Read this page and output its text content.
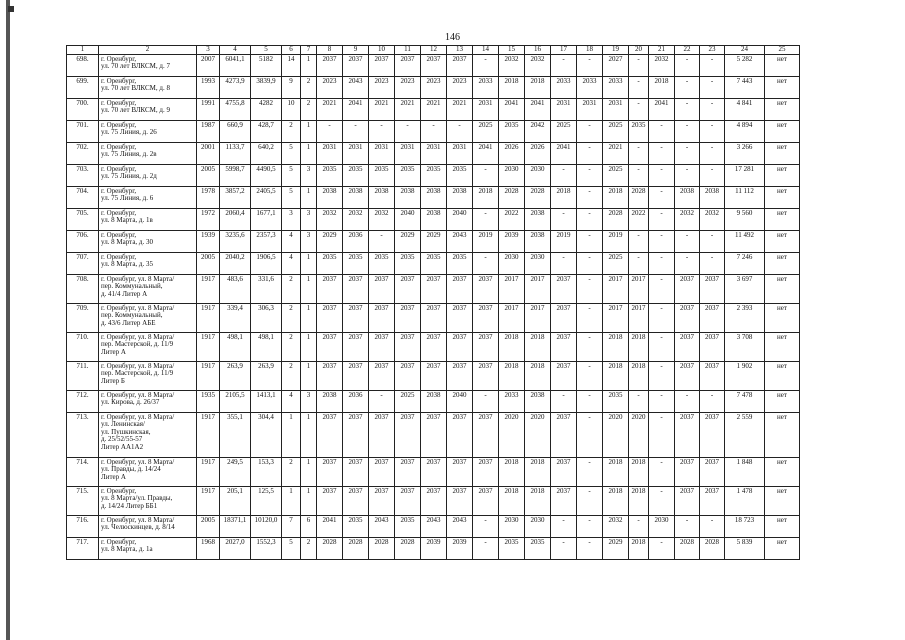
146
1	2	3	4	5	6	7	8	9	10	11	12	13	14	15	16	17	18	19	20	21	22	23	24	25
698.	г. Оренбург,
ул. 70 лет ВЛКСМ, д. 7	2007	6041,1	5182	14	1	2037	2037	2037	2037	2037	2037	-	2032	2032	-	-	2027	-	2032	-	-	5 282	нет
699.	г. Оренбург,
ул. 70 лет ВЛКСМ, д. 8	1993	4273,9	3839,9	9	2	2023	2043	2023	2023	2023	2023	2033	2018	2018	2033	2033	2033	-	2018	-	-	7 443	нет
700.	г. Оренбург,
ул. 70 лет ВЛКСМ, д. 9	1991	4755,8	4282	10	2	2021	2041	2021	2021	2021	2021	2031	2041	2041	2031	2031	2031	-	2041	-	-	4 841	нет
701.	г. Оренбург,
ул. 75 Линия, д. 26	1987	660,9	428,7	2	1	-	-	-	-	-	-	2025	2035	2042	2025	-	2025	2035	-	-	-	4 894	нет
702.	г. Оренбург,
ул. 75 Линия, д. 2в	2001	1133,7	640,2	5	1	2031	2031	2031	2031	2031	2031	2041	2026	2026	2041	-	2021	-	-	-	-	3 266	нет
703.	г. Оренбург,
ул. 75 Линия, д. 2д	2005	5998,7	4490,5	5	3	2035	2035	2035	2035	2035	2035	-	2030	2030	-	-	2025	-	-	-	-	17 281	нет
704.	г. Оренбург,
ул. 75 Линия, д. 6	1978	3857,2	2405,5	5	1	2038	2038	2038	2038	2038	2038	2018	2028	2028	2018	-	2018	2028	-	2038	2038	11 112	нет
705.	г. Оренбург,
ул. 8 Марта, д. 1в	1972	2060,4	1677,1	3	3	2032	2032	2032	2040	2038	2040	-	2022	2038	-	-	2028	2022	-	2032	2032	9 560	нет
706.	г. Оренбург,
ул. 8 Марта, д. 30	1939	3235,6	2357,3	4	3	2029	2036	-	2029	2029	2043	2019	2039	2038	2019	-	2019	-	-	-	-	11 492	нет
707.	г. Оренбург,
ул. 8 Марта, д. 35	2005	2040,2	1906,5	4	1	2035	2035	2035	2035	2035	2035	-	2030	2030	-	-	2025	-	-	-	-	7 246	нет
708.	г. Оренбург, ул. 8 Марта/
пер. Коммунальный,
д. 41/4 Литер А	1917	483,6	331,6	2	1	2037	2037	2037	2037	2037	2037	2037	2017	2017	2037	-	2017	2017	-	2037	2037	3 697	нет
709.	г. Оренбург, ул. 8 Марта/
пер. Коммунальный,
д. 43/6 Литер АБЕ	1917	339,4	306,3	2	1	2037	2037	2037	2037	2037	2037	2037	2017	2017	2037	-	2017	2017	-	2037	2037	2 393	нет
710.	г. Оренбург, ул. 8 Марта/
пер. Мастерской, д. 11/9
Литер А	1917	498,1	498,1	2	1	2037	2037	2037	2037	2037	2037	2037	2018	2018	2037	-	2018	2018	-	2037	2037	3 708	нет
711.	г. Оренбург, ул. 8 Марта/
пер. Мастерской, д. 11/9
Литер Б	1917	263,9	263,9	2	1	2037	2037	2037	2037	2037	2037	2037	2018	2018	2037	-	2018	2018	-	2037	2037	1 902	нет
712.	г. Оренбург, ул. 8 Марта/
ул. Кирова, д. 26/37	1935	2105,5	1413,1	4	3	2038	2036	-	2025	2038	2040	-	2033	2038	-	-	2035	-	-	-	-	7 478	нет
713.	г. Оренбург, ул. 8 Марта/
ул. Ленинская/
ул. Пушкинская,
д. 25/52/55-57
Литер АА1А2	1917	355,1	304,4	1	1	2037	2037	2037	2037	2037	2037	2037	2020	2020	2037	-	2020	2020	-	2037	2037	2 559	нет
714.	г. Оренбург, ул. 8 Марта/
ул. Правды, д. 14/24
Литер А	1917	249,5	153,3	2	1	2037	2037	2037	2037	2037	2037	2037	2018	2018	2037	-	2018	2018	-	2037	2037	1 848	нет
715.	г. Оренбург,
ул. 8 Марта/ул. Правды,
д. 14/24 Литер ББ1	1917	205,1	125,5	1	1	2037	2037	2037	2037	2037	2037	2037	2018	2018	2037	-	2018	2018	-	2037	2037	1 478	нет
716.	г. Оренбург, ул. 8 Марта/
ул. Челюскинцев, д. 8/14	2005	18371,1	10120,0	7	6	2041	2035	2043	2035	2043	2043	-	2030	2030	-	-	2032	-	2030	-	-	18 723	нет
717.	г. Оренбург,
ул. 8 Марта, д. 1а	1968	2027,0	1552,3	5	2	2028	2028	2028	2028	2039	2039	-	2035	2035	-	-	2029	2018	-	2028	2028	5 839	нет
